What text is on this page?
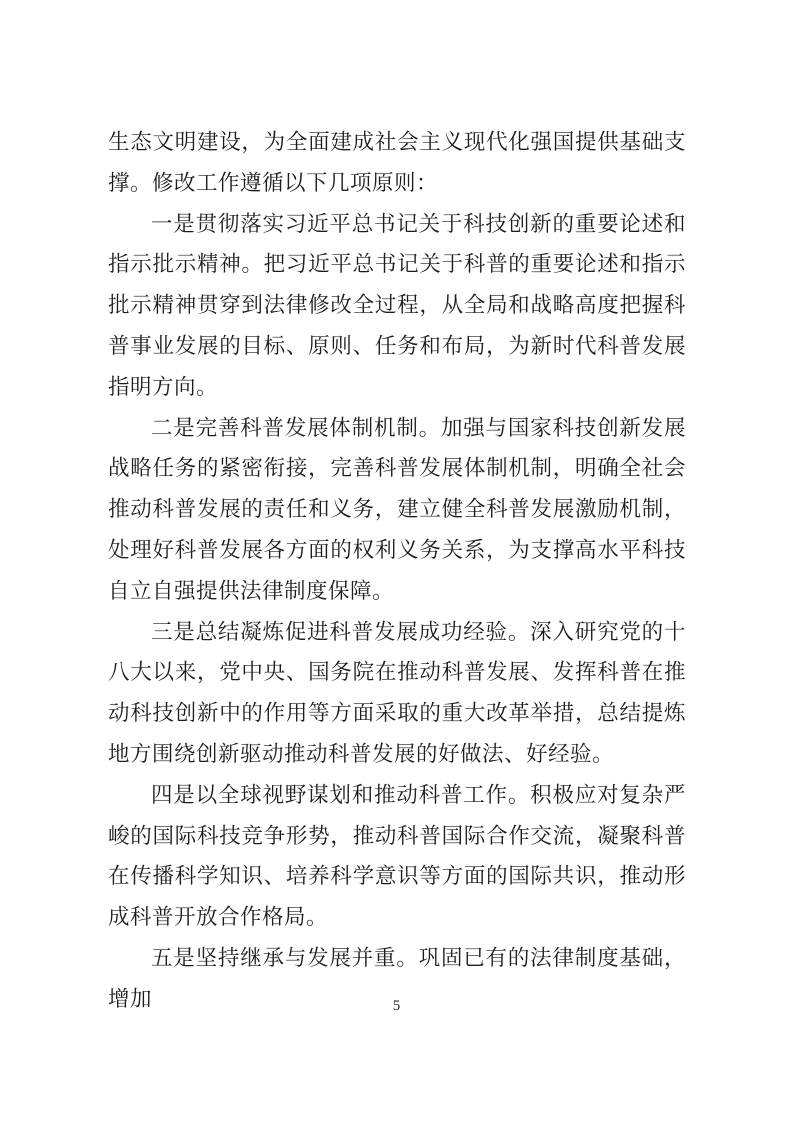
生态文明建设，为全面建成社会主义现代化强国提供基础支撑。修改工作遵循以下几项原则：

一是贯彻落实习近平总书记关于科技创新的重要论述和指示批示精神。把习近平总书记关于科普的重要论述和指示批示精神贯穿到法律修改全过程，从全局和战略高度把握科普事业发展的目标、原则、任务和布局，为新时代科普发展指明方向。

二是完善科普发展体制机制。加强与国家科技创新发展战略任务的紧密衔接，完善科普发展体制机制，明确全社会推动科普发展的责任和义务，建立健全科普发展激励机制，处理好科普发展各方面的权利义务关系，为支撑高水平科技自立自强提供法律制度保障。

三是总结凝炼促进科普发展成功经验。深入研究党的十八大以来，党中央、国务院在推动科普发展、发挥科普在推动科技创新中的作用等方面采取的重大改革举措，总结提炼地方围绕创新驱动推动科普发展的好做法、好经验。

四是以全球视野谋划和推动科普工作。积极应对复杂严峻的国际科技竞争形势，推动科普国际合作交流，凝聚科普在传播科学知识、培养科学意识等方面的国际共识，推动形成科普开放合作格局。

五是坚持继承与发展并重。巩固已有的法律制度基础，增加	5
